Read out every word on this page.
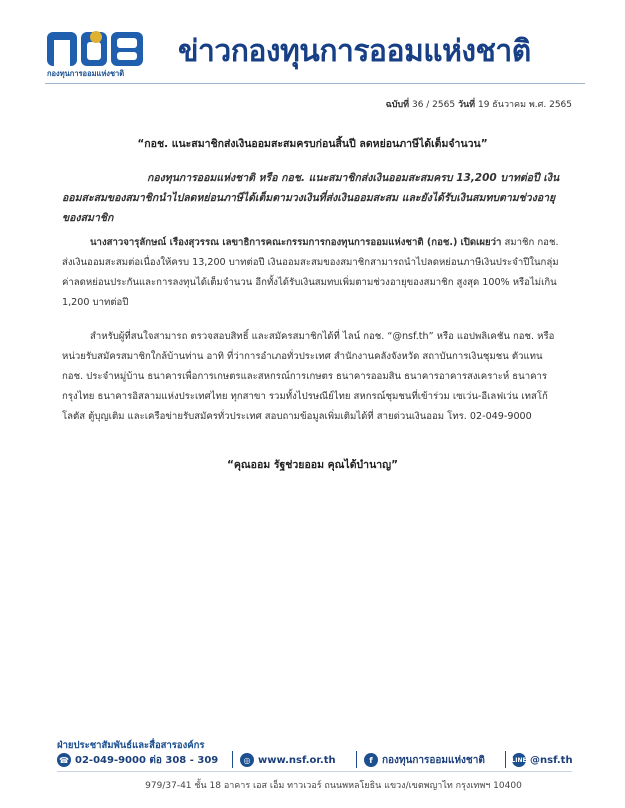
กองทุนการออมแห่งชาติ
ข่าวกองทุนการออมแห่งชาติ
ฉบับที่ 36 / 2565 วันที่ 19 ธันวาคม พ.ศ. 2565
“กอช. แนะสมาชิกส่งเงินออมสะสมครบก่อนสิ้นปี ลดหย่อนภาษีได้เต็มจำนวน”
กองทุนการออมแห่งชาติ หรือ กอช. แนะสมาชิกส่งเงินออมสะสมครบ 13,200 บาทต่อปี เงินออมสะสมของสมาชิกนำไปลดหย่อนภาษีได้เต็มตามวงเงินที่ส่งเงินออมสะสม และยังได้รับเงินสมทบตามช่วงอายุของสมาชิก
นางสาวจารุลักษณ์ เรืองสุวรรณ เลขาธิการคณะกรรมการกองทุนการออมแห่งชาติ (กอช.) เปิดเผยว่า สมาชิก กอช. ส่งเงินออมสะสมต่อเนื่องให้ครบ 13,200 บาทต่อปี เงินออมสะสมของสมาชิกสามารถนำไปลดหย่อนภาษีเงินประจำปีในกลุ่มค่าลดหย่อนประกันและการลงทุนได้เต็มจำนวน อีกทั้งได้รับเงินสมทบเพิ่มตามช่วงอายุของสมาชิก สูงสุด 100% หรือไม่เกิน 1,200 บาทต่อปี
สำหรับผู้ที่สนใจสามารถ ตรวจสอบสิทธิ์ และสมัครสมาชิกได้ที่ ไลน์ กอช. “@nsf.th” หรือ แอปพลิเคชัน กอช. หรือ หน่วยรับสมัครสมาชิกใกล้บ้านท่าน อาทิ ที่ว่าการอำเภอทั่วประเทศ สำนักงานคลังจังหวัด สถาบันการเงินชุมชน ตัวแทน กอช. ประจำหมู่บ้าน ธนาคารเพื่อการเกษตรและสหกรณ์การเกษตร ธนาคารออมสิน ธนาคารอาคารสงเคราะห์ ธนาคารกรุงไทย ธนาคารอิสลามแห่งประเทศไทย ทุกสาขา รวมทั้งไปรษณีย์ไทย สหกรณ์ชุมชนที่เข้าร่วม เซเว่น-อีเลฟเว่น เทสโก้โลตัส ตู้บุญเติม และเครือข่ายรับสมัครทั่วประเทศ สอบถามข้อมูลเพิ่มเติมได้ที่ สายด่วนเงินออม โทร. 02-049-9000
“คุณออม รัฐช่วยออม คุณได้บำนาญ”
ฝ่ายประชาสัมพันธ์และสื่อสารองค์กร
☎ 02-049-9000 ต่อ 308 - 309	◎ www.nsf.or.th	f กองทุนการออมแห่งชาติ	LINE @nsf.th
979/37-41 ชั้น 18 อาคาร เอส เอ็ม ทาวเวอร์ ถนนพหลโยธิน แขวง/เขตพญาไท กรุงเทพฯ 10400
